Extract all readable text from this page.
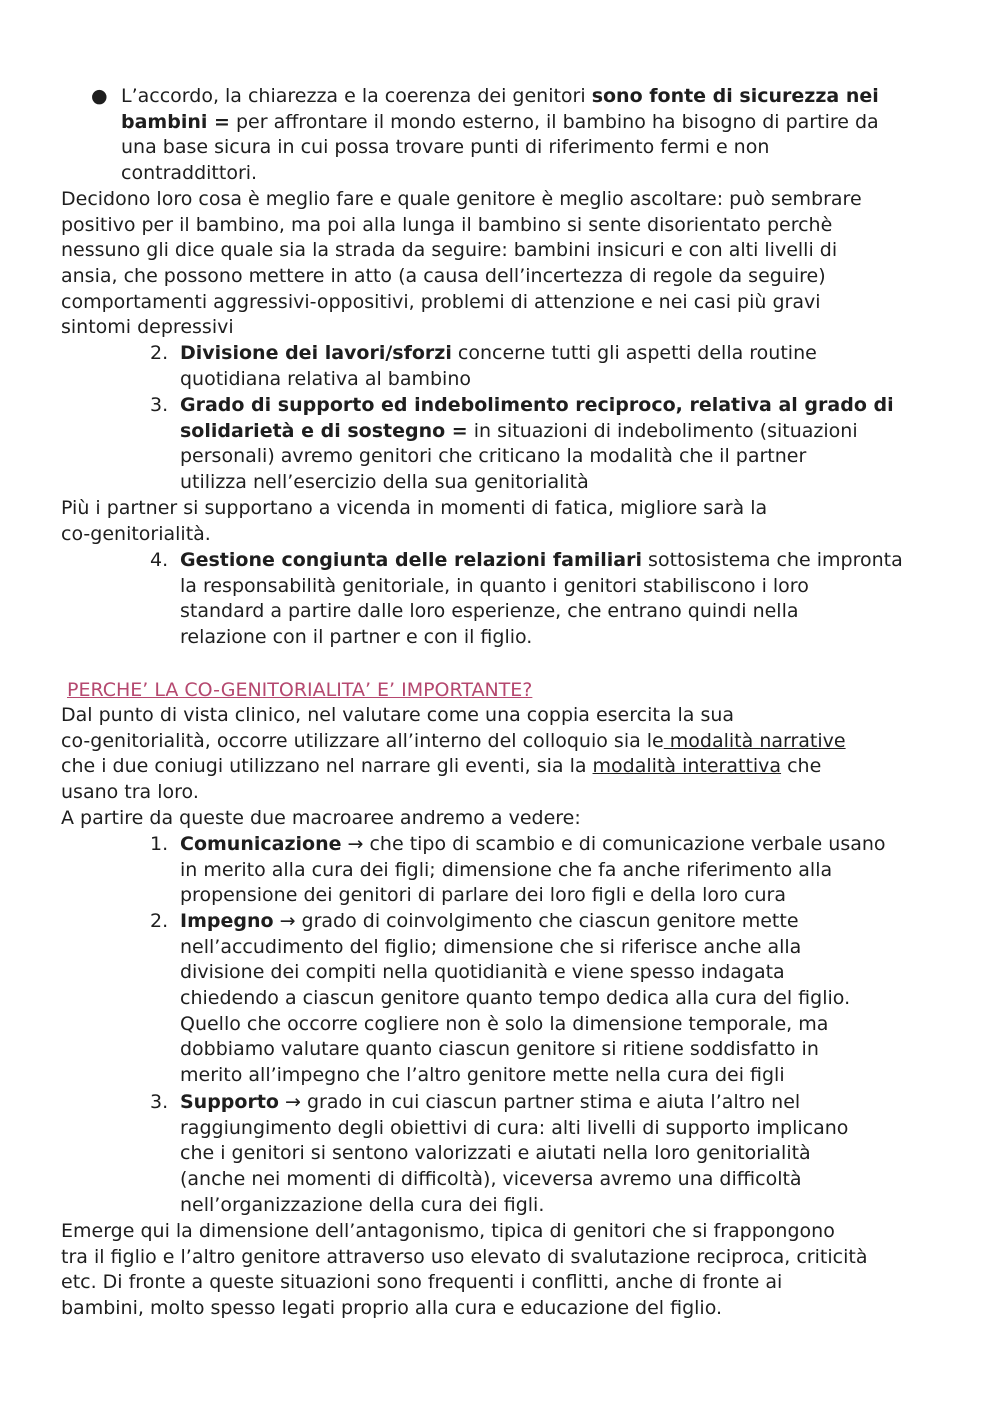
● L’accordo, la chiarezza e la coerenza dei genitori sono fonte di sicurezza nei
bambini = per affrontare il mondo esterno, il bambino ha bisogno di partire da
una base sicura in cui possa trovare punti di riferimento fermi e non
contraddittori.
Decidono loro cosa è meglio fare e quale genitore è meglio ascoltare: può sembrare
positivo per il bambino, ma poi alla lunga il bambino si sente disorientato perchè
nessuno gli dice quale sia la strada da seguire: bambini insicuri e con alti livelli di
ansia, che possono mettere in atto (a causa dell’incertezza di regole da seguire)
comportamenti aggressivi-oppositivi, problemi di attenzione e nei casi più gravi
sintomi depressivi
2. Divisione dei lavori/sforzi concerne tutti gli aspetti della routine
quotidiana relativa al bambino
3. Grado di supporto ed indebolimento reciproco, relativa al grado di
solidarietà e di sostegno = in situazioni di indebolimento (situazioni
personali) avremo genitori che criticano la modalità che il partner
utilizza nell’esercizio della sua genitorialità
Più i partner si supportano a vicenda in momenti di fatica, migliore sarà la
co-genitorialità.
4. Gestione congiunta delle relazioni familiari sottosistema che impronta
la responsabilità genitoriale, in quanto i genitori stabiliscono i loro
standard a partire dalle loro esperienze, che entrano quindi nella
relazione con il partner e con il figlio.
PERCHE’ LA CO-GENITORIALITA’ E’ IMPORTANTE?
Dal punto di vista clinico, nel valutare come una coppia esercita la sua
co-genitorialità, occorre utilizzare all’interno del colloquio sia le modalità narrative
che i due coniugi utilizzano nel narrare gli eventi, sia la modalità interattiva che
usano tra loro.
A partire da queste due macroaree andremo a vedere:
1. Comunicazione → che tipo di scambio e di comunicazione verbale usano
in merito alla cura dei figli; dimensione che fa anche riferimento alla
propensione dei genitori di parlare dei loro figli e della loro cura
2. Impegno → grado di coinvolgimento che ciascun genitore mette
nell’accudimento del figlio; dimensione che si riferisce anche alla
divisione dei compiti nella quotidianità e viene spesso indagata
chiedendo a ciascun genitore quanto tempo dedica alla cura del figlio.
Quello che occorre cogliere non è solo la dimensione temporale, ma
dobbiamo valutare quanto ciascun genitore si ritiene soddisfatto in
merito all’impegno che l’altro genitore mette nella cura dei figli
3. Supporto → grado in cui ciascun partner stima e aiuta l’altro nel
raggiungimento degli obiettivi di cura: alti livelli di supporto implicano
che i genitori si sentono valorizzati e aiutati nella loro genitorialità
(anche nei momenti di difficoltà), viceversa avremo una difficoltà
nell’organizzazione della cura dei figli.
Emerge qui la dimensione dell’antagonismo, tipica di genitori che si frappongono
tra il figlio e l’altro genitore attraverso uso elevato di svalutazione reciproca, criticità
etc. Di fronte a queste situazioni sono frequenti i conflitti, anche di fronte ai
bambini, molto spesso legati proprio alla cura e educazione del figlio.
